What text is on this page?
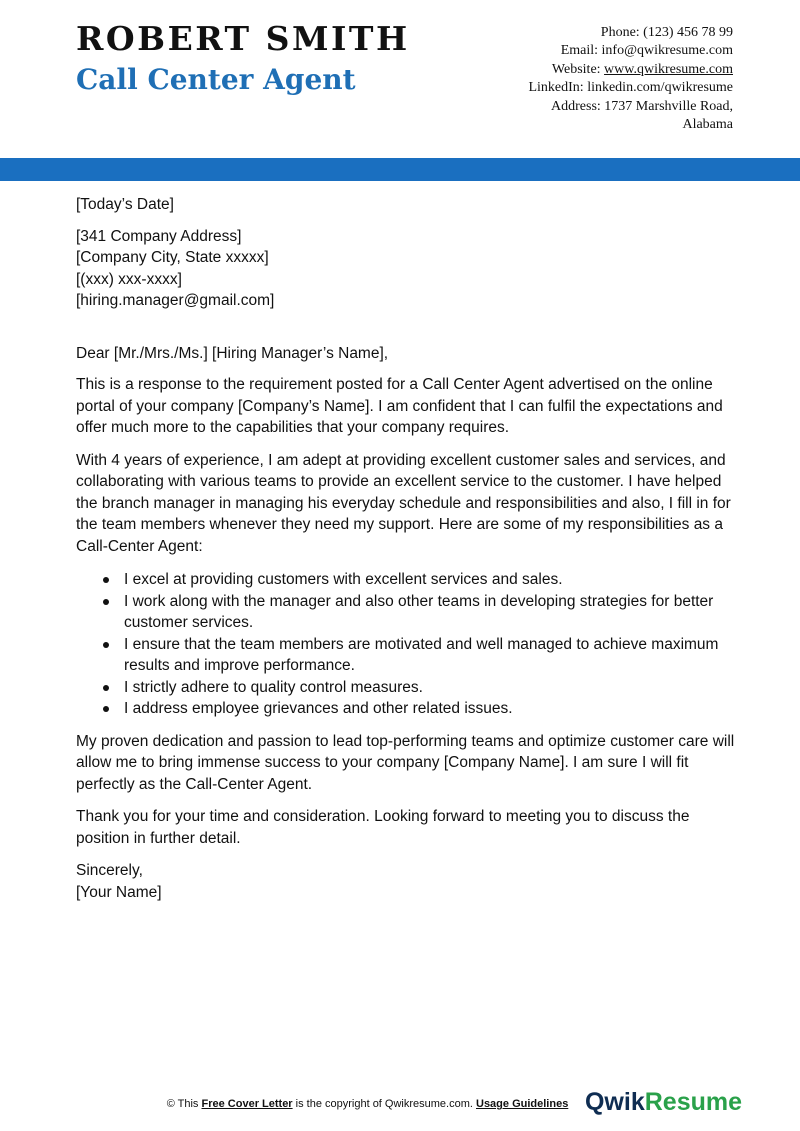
ROBERT SMITH
Call Center Agent
Phone: (123) 456 78 99
Email: info@qwikresume.com
Website: www.qwikresume.com
LinkedIn: linkedin.com/qwikresume
Address: 1737 Marshville Road,
Alabama

[Today’s Date]

[341 Company Address]

[Company City, State xxxxx]

[(xxx) xxx-xxxx]

[hiring.manager@gmail.com]

Dear [Mr./Mrs./Ms.] [Hiring Manager’s Name],

This is a response to the requirement posted for a Call Center Agent advertised on the online portal of your company [Company’s Name]. I am confident that I can fulfil the expectations and offer much more to the capabilities that your company requires.

With 4 years of experience, I am adept at providing excellent customer sales and services, and collaborating with various teams to provide an excellent service to the customer. I have helped the branch manager in managing his everyday schedule and responsibilities and also, I fill in for the team members whenever they need my support. Here are some of my responsibilities as a Call-Center Agent:

I excel at providing customers with excellent services and sales.
I work along with the manager and also other teams in developing strategies for better customer services.
I ensure that the team members are motivated and well managed to achieve maximum results and improve performance.
I strictly adhere to quality control measures.
I address employee grievances and other related issues.

My proven dedication and passion to lead top-performing teams and optimize customer care will allow me to bring immense success to your company [Company Name]. I am sure I will fit perfectly as the Call-Center Agent.

Thank you for your time and consideration. Looking forward to meeting you to discuss the position in further detail.

Sincerely,

[Your Name]

© This Free Cover Letter is the copyright of Qwikresume.com. Usage Guidelines QwikResume
